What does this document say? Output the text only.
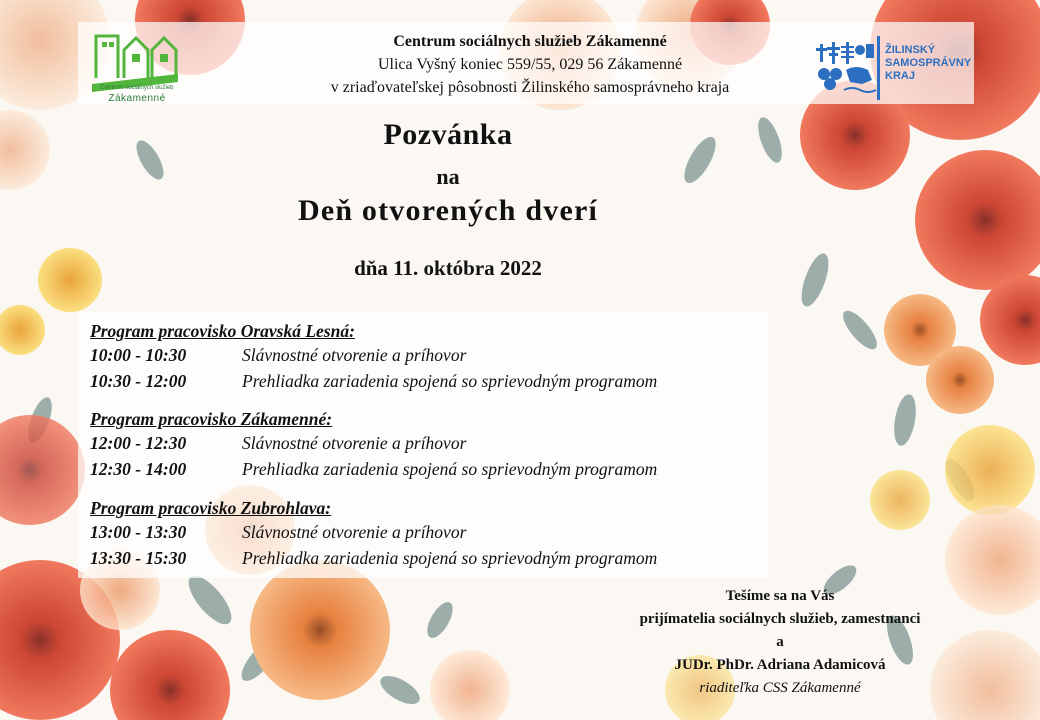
Centrum sociálnych služieb
Zákamenné
Centrum sociálnych služieb Zákamenné
Ulica Vyšný koniec 559/55, 029 56 Zákamenné
v zriaďovateľskej pôsobnosti Žilinského samosprávneho kraja
ŽILINSKÝ
SAMOSPRÁVNY
KRAJ
Pozvánka
na
Deň otvorených dverí
dňa 11. októbra 2022
Program pracovisko Oravská Lesná:
10:00 - 10:30	Slávnostné otvorenie a príhovor
10:30 - 12:00	Prehliadka zariadenia spojená so sprievodným programom
Program pracovisko Zákamenné:
12:00 - 12:30	Slávnostné otvorenie a príhovor
12:30 - 14:00	Prehliadka zariadenia spojená so sprievodným programom
Program pracovisko Zubrohlava:
13:00 - 13:30	Slávnostné otvorenie a príhovor
13:30 - 15:30	Prehliadka zariadenia spojená so sprievodným programom
Tešíme sa na Vás
prijímatelia sociálnych služieb, zamestnanci
a
JUDr. PhDr. Adriana Adamicová
riaditeľka CSS Zákamenné
